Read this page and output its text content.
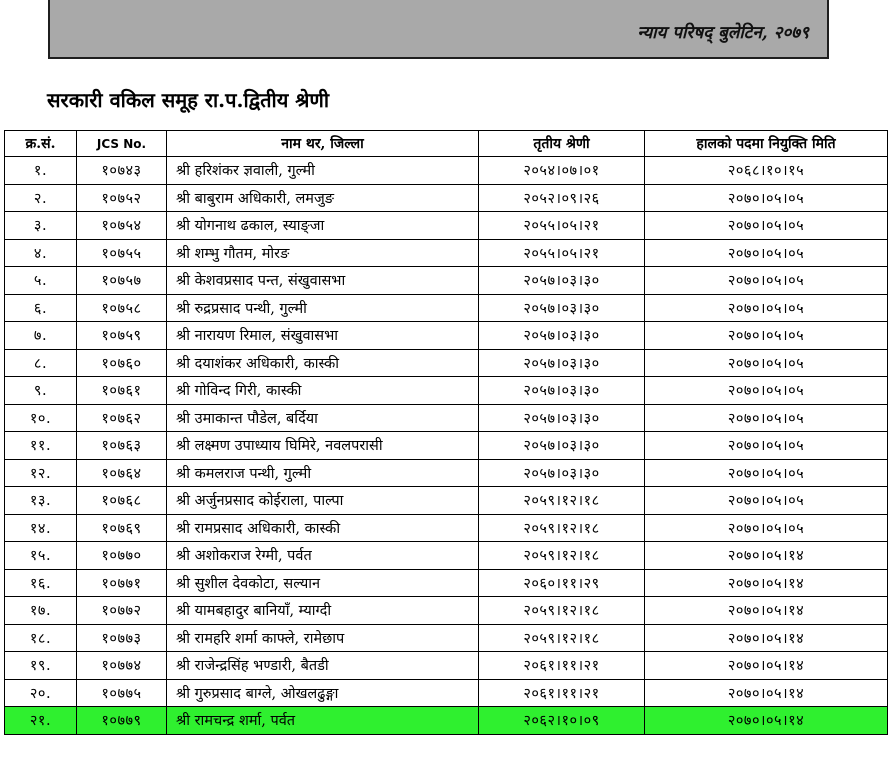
न्याय परिषद् बुलेटिन, २०७९
सरकारी वकिल समूह रा.प.द्वितीय श्रेणी
क्र.सं.	JCS No.	नाम थर, जिल्ला	तृतीय श्रेणी	हालको पदमा नियुक्ति मिति
१.	१०७४३	श्री हरिशंकर ज्ञवाली, गुल्मी	२०५४।०७।०१	२०६८।१०।१५
२.	१०७५२	श्री बाबुराम अधिकारी, लमजुङ	२०५२।०९।२६	२०७०।०५।०५
३.	१०७५४	श्री योगनाथ ढकाल, स्याङ्जा	२०५५।०५।२१	२०७०।०५।०५
४.	१०७५५	श्री शम्भु गौतम, मोरङ	२०५५।०५।२१	२०७०।०५।०५
५.	१०७५७	श्री केशवप्रसाद पन्त, संखुवासभा	२०५७।०३।३०	२०७०।०५।०५
६.	१०७५८	श्री रुद्रप्रसाद पन्थी, गुल्मी	२०५७।०३।३०	२०७०।०५।०५
७.	१०७५९	श्री नारायण रिमाल, संखुवासभा	२०५७।०३।३०	२०७०।०५।०५
८.	१०७६०	श्री दयाशंकर अधिकारी, कास्की	२०५७।०३।३०	२०७०।०५।०५
९.	१०७६१	श्री गोविन्द गिरी, कास्की	२०५७।०३।३०	२०७०।०५।०५
१०.	१०७६२	श्री उमाकान्त पौडेल, बर्दिया	२०५७।०३।३०	२०७०।०५।०५
११.	१०७६३	श्री लक्ष्मण उपाध्याय घिमिरे, नवलपरासी	२०५७।०३।३०	२०७०।०५।०५
१२.	१०७६४	श्री कमलराज पन्थी, गुल्मी	२०५७।०३।३०	२०७०।०५।०५
१३.	१०७६८	श्री अर्जुनप्रसाद कोईराला, पाल्पा	२०५९।१२।१८	२०७०।०५।०५
१४.	१०७६९	श्री रामप्रसाद अधिकारी, कास्की	२०५९।१२।१८	२०७०।०५।०५
१५.	१०७७०	श्री अशोकराज रेग्मी, पर्वत	२०५९।१२।१८	२०७०।०५।१४
१६.	१०७७१	श्री सुशील देवकोटा, सल्यान	२०६०।११।२९	२०७०।०५।१४
१७.	१०७७२	श्री यामबहादुर बानियाँ, म्याग्दी	२०५९।१२।१८	२०७०।०५।१४
१८.	१०७७३	श्री रामहरि शर्मा काफ्ले, रामेछाप	२०५९।१२।१८	२०७०।०५।१४
१९.	१०७७४	श्री राजेन्द्रसिंह भण्डारी, बैतडी	२०६१।११।२१	२०७०।०५।१४
२०.	१०७७५	श्री गुरुप्रसाद बाग्ले, ओखलढुङ्गा	२०६१।११।२१	२०७०।०५।१४
२१.	१०७७९	श्री रामचन्द्र शर्मा, पर्वत	२०६२।१०।०९	२०७०।०५।१४
